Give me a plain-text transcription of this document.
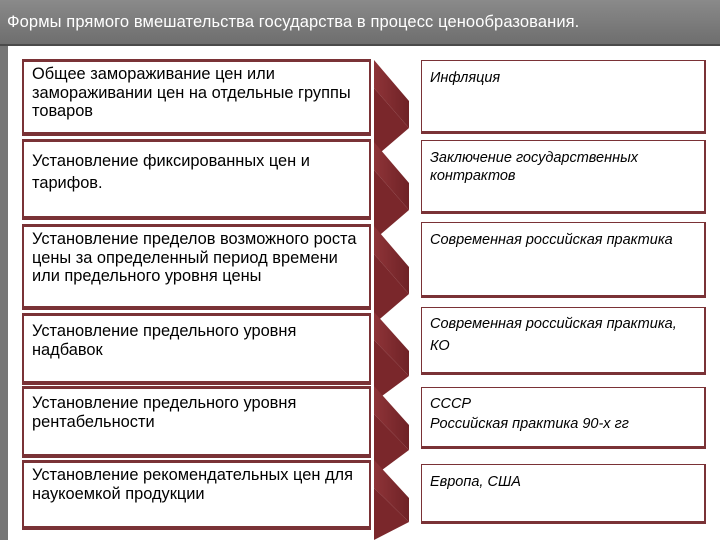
Формы прямого вмешательства государства в процесс ценообразования.
Общее замораживание цен или замораживании цен на отдельные группы товаров
Установление фиксированных цен и тарифов.
Установление пределов возможного роста цены за определенный период времени или предельного уровня цены
Установление предельного уровня надбавок
Установление предельного уровня рентабельности
Установление рекомендательных цен для наукоемкой продукции
Инфляция
Заключение государственных контрактов
Современная российская практика
Современная российская практика, КО
СССР
Российская практика 90-х гг
Европа, США
